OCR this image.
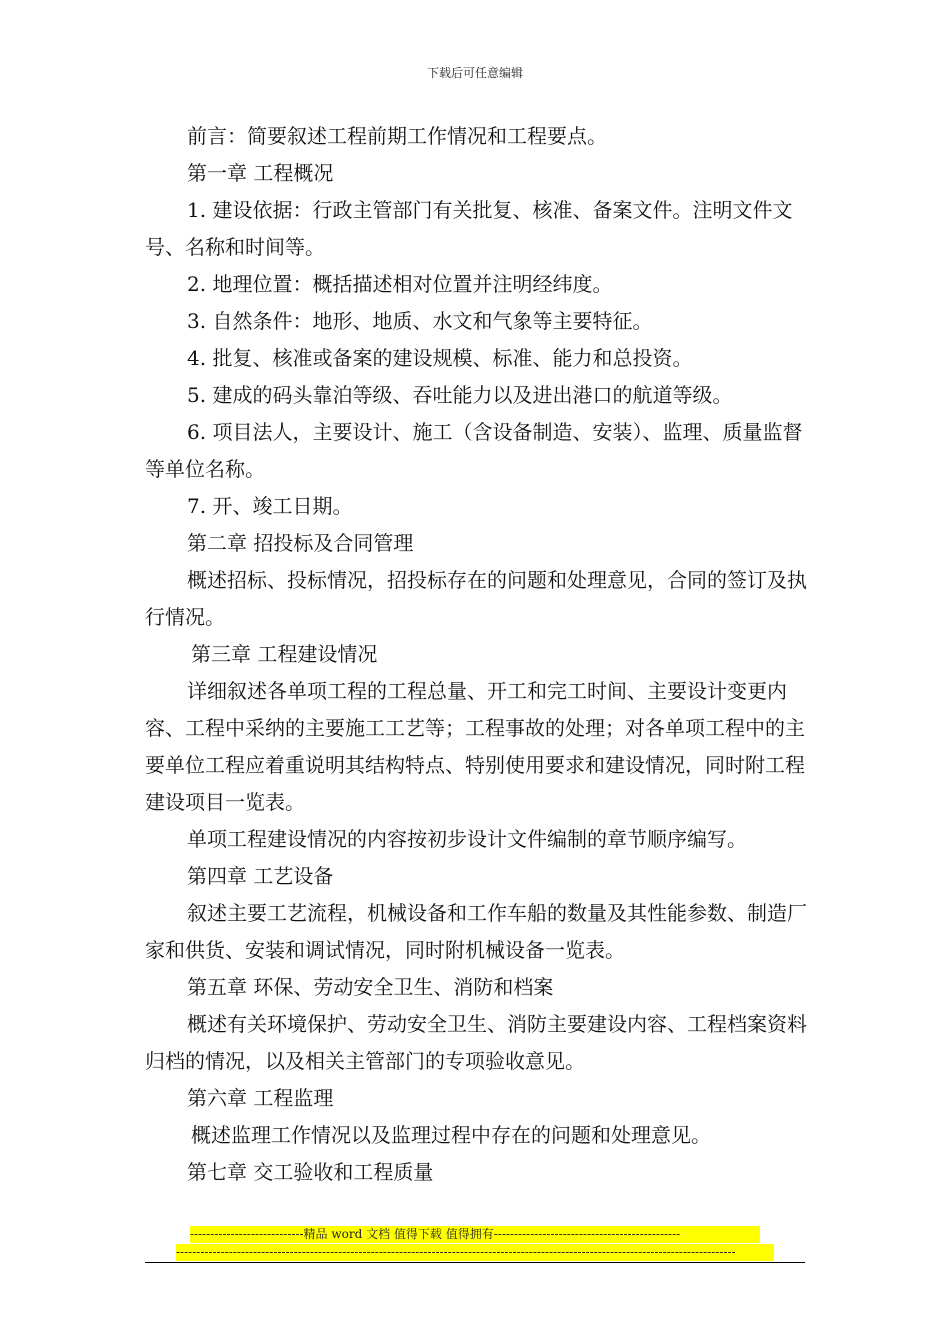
下载后可任意编辑

前言：简要叙述工程前期工作情况和工程要点。

第一章 工程概况

1. 建设依据：行政主管部门有关批复、核准、备案文件。注明文件文号、名称和时间等。

2. 地理位置：概括描述相对位置并注明经纬度。

3. 自然条件：地形、地质、水文和气象等主要特征。

4. 批复、核准或备案的建设规模、标准、能力和总投资。

5. 建成的码头靠泊等级、吞吐能力以及进出港口的航道等级。

6. 项目法人，主要设计、施工（含设备制造、安装）、监理、质量监督等单位名称。

7. 开、竣工日期。

第二章 招投标及合同管理

概述招标、投标情况，招投标存在的问题和处理意见，合同的签订及执行情况。

第三章 工程建设情况

详细叙述各单项工程的工程总量、开工和完工时间、主要设计变更内容、工程中采纳的主要施工工艺等；工程事故的处理；对各单项工程中的主要单位工程应着重说明其结构特点、特别使用要求和建设情况，同时附工程建设项目一览表。

单项工程建设情况的内容按初步设计文件编制的章节顺序编写。

第四章 工艺设备

叙述主要工艺流程，机械设备和工作车船的数量及其性能参数、制造厂家和供货、安装和调试情况，同时附机械设备一览表。

第五章 环保、劳动安全卫生、消防和档案

概述有关环境保护、劳动安全卫生、消防主要建设内容、工程档案资料归档的情况，以及相关主管部门的专项验收意见。

第六章 工程监理

概述监理工作情况以及监理过程中存在的问题和处理意见。

第七章 交工验收和工程质量

----------------------------精品 word 文档 值得下载 值得拥有----------------------------------------------
------------------------------------------------------------------------------------------------------------------------------------------
